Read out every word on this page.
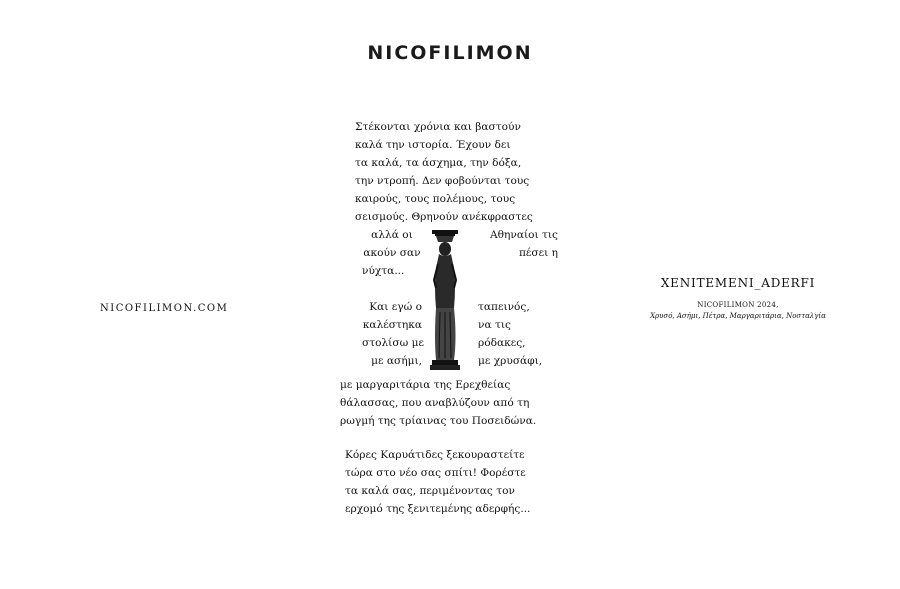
NICOFILIMON
NICOFILIMON.COM
XENITEMENI_ADERFI
NICOFILIMON 2024,
Χρυσό, Ασήμι, Πέτρα, Μαργαριτάρια, Νοσταλγία
Στέκονται χρόνια και βαστούν
καλά την ιστορία. Έχουν δει
τα καλά, τα άσχημα, την δόξα,
την ντροπή. Δεν φοβούνται τους
καιρούς, τους πολέμους, τους
σεισμούς. Θρηνούν ανέκφραστες
αλλά οι
ακούν σαν
νύχτα...
Αθηναίοι τις
πέσει η
Και εγώ ο
καλέστηκα
στολίσω με
με ασήμι,
ταπεινός,
να τις
ρόδακες,
με χρυσάφι,
με μαργαριτάρια της Ερεχθείας
θάλασσας, που αναβλύζουν από τη
ρωγμή της τρίαινας του Ποσειδώνα.
Κόρες Καρυάτιδες ξεκουραστείτε
τώρα στο νέο σας σπίτι! Φορέστε
τα καλά σας, περιμένοντας τον
ερχομό της ξενιτεμένης αδερφής...
